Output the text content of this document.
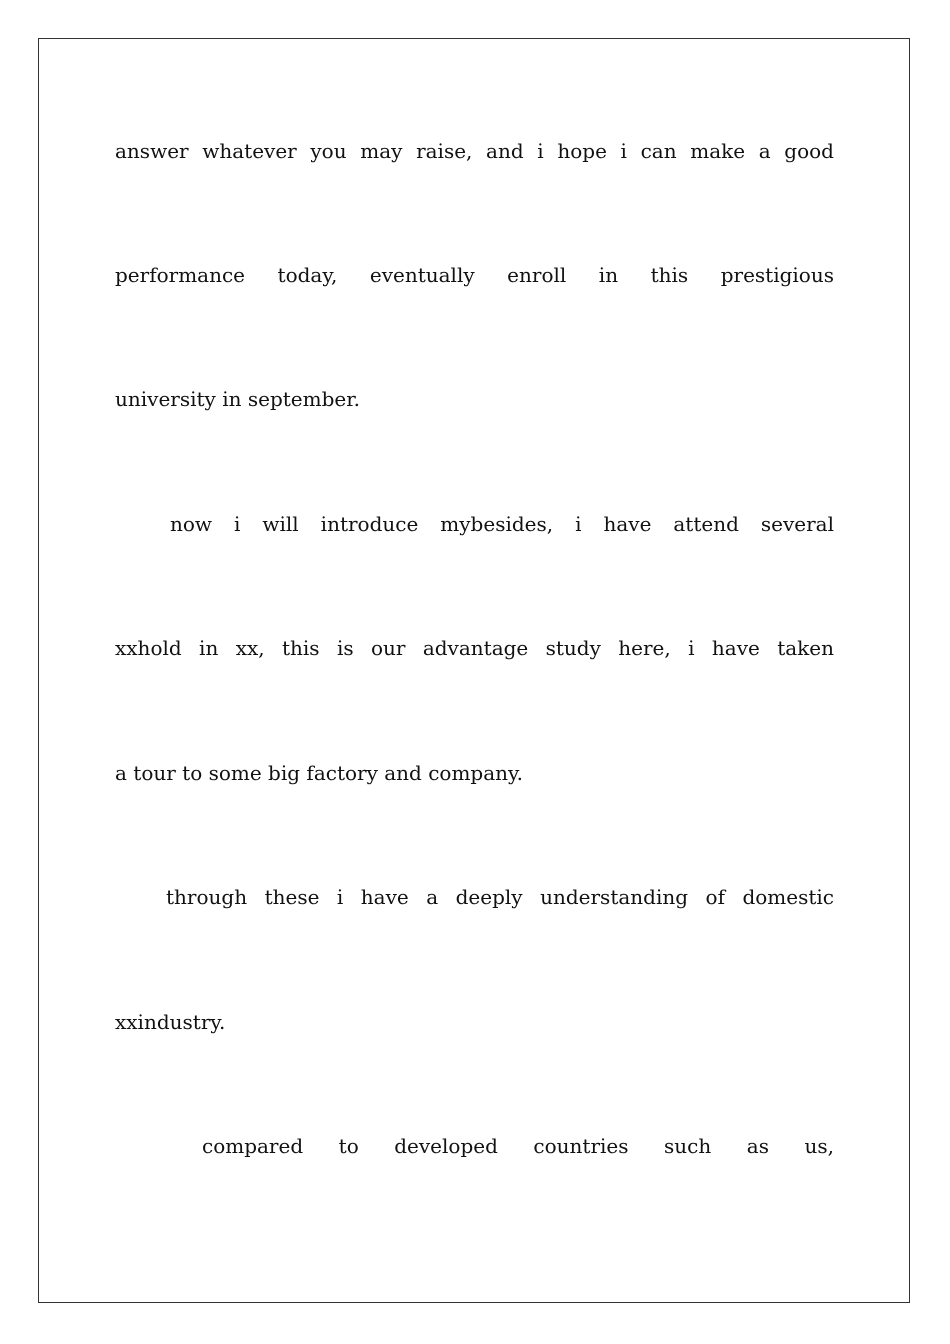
answer whatever you may raise, and i hope i can make a good
performance today, eventually enroll in this prestigious
university in september.
now i will introduce mybesides, i have attend several
xxhold in xx, this is our advantage study here, i have taken
a tour to some big factory and company.
through these i have a deeply understanding of domestic
xxindustry.
compared to developed countries such as us,
